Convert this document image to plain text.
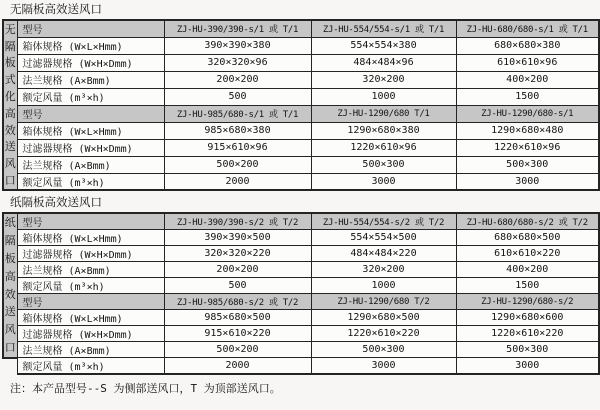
无隔板高效送风口
无
隔
板
式
化
高
效
送
风
口
	型号	ZJ-HU-390/390-s/1 或 T/1	ZJ-HU-554/554-s/1 或 T/1	ZJ-HU-680/680-s/1 或 T/1
	箱体规格 (W×L×Hmm)	390×390×380	554×554×380	680×680×380
	过滤器规格 (W×H×Dmm)	320×320×96	484×484×96	610×610×96
	法兰规格 (A×Bmm)	200×200	320×200	400×200
	额定风量 (m³×h)	500	1000	1500
	型号	ZJ-HU-985/680-s/1 或 T/1	ZJ-HU-1290/680 T/1	ZJ-HU-1290/680-s/1
	箱体规格 (W×L×Hmm)	985×680×380	1290×680×380	1290×680×480
	过滤器规格 (W×H×Dmm)	915×610×96	1220×610×96	1220×610×96
	法兰规格 (A×Bmm)	500×200	500×300	500×300
	额定风量 (m³×h)	2000	3000	3000
纸隔板高效送风口
纸
隔
板
高
效
送
风
口
	型号	ZJ-HU-390/390-s/2 或 T/2	ZJ-HU-554/554-s/2 或 T/2	ZJ-HU-680/680-s/2 或 T/2
	箱体规格 (W×L×Hmm)	390×390×500	554×554×500	680×680×500
	过滤器规格 (W×H×Dmm)	320×320×220	484×484×220	610×610×220
	法兰规格 (A×Bmm)	200×200	320×200	400×200
	额定风量 (m³×h)	500	1000	1500
	型号	ZJ-HU-985/680-s/2 或 T/2	ZJ-HU-1290/680 T/2	ZJ-HU-1290/680-s/2
	箱体规格 (W×L×Hmm)	985×680×500	1290×680×500	1290×680×600
	过滤器规格 (W×H×Dmm)	915×610×220	1220×610×220	1220×610×220
	法兰规格 (A×Bmm)	500×200	500×300	500×300
	额定风量 (m³×h)	2000	3000	3000
注：本产品型号--S 为侧部送风口，T 为顶部送风口。
